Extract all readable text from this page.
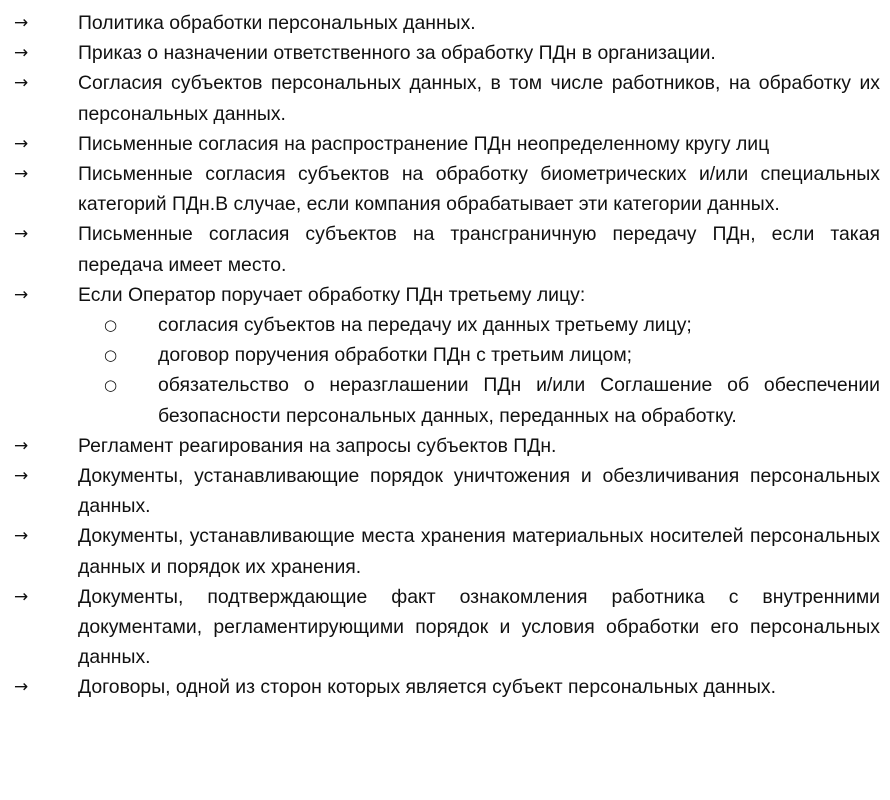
→	Политика обработки персональных данных.
→	Приказ о назначении ответственного за обработку ПДн в организации.
→	Согласия субъектов персональных данных, в том числе работников, на обработку их персональных данных.
→	Письменные согласия на распространение ПДн неопределенному кругу лиц
→	Письменные согласия субъектов на обработку биометрических и/или специальных категорий ПДн.В случае, если компания обрабатывает эти категории данных.
→	Письменные согласия субъектов на трансграничную передачу ПДн, если такая передача имеет место.
→	Если Оператор поручает обработку ПДн третьему лицу:
○ согласия субъектов на передачу их данных третьему лицу;
○ договор поручения обработки ПДн с третьим лицом;
○ обязательство о неразглашении ПДн и/или Соглашение об обеспечении безопасности персональных данных, переданных на обработку.
→	Регламент реагирования на запросы субъектов ПДн.
→	Документы, устанавливающие порядок уничтожения и обезличивания персональных данных.
→	Документы, устанавливающие места хранения материальных носителей персональных данных и порядок их хранения.
→	Документы, подтверждающие факт ознакомления работника с внутренними документами, регламентирующими порядок и условия обработки его персональных данных.
→	Договоры, одной из сторон которых является субъект персональных данных.
